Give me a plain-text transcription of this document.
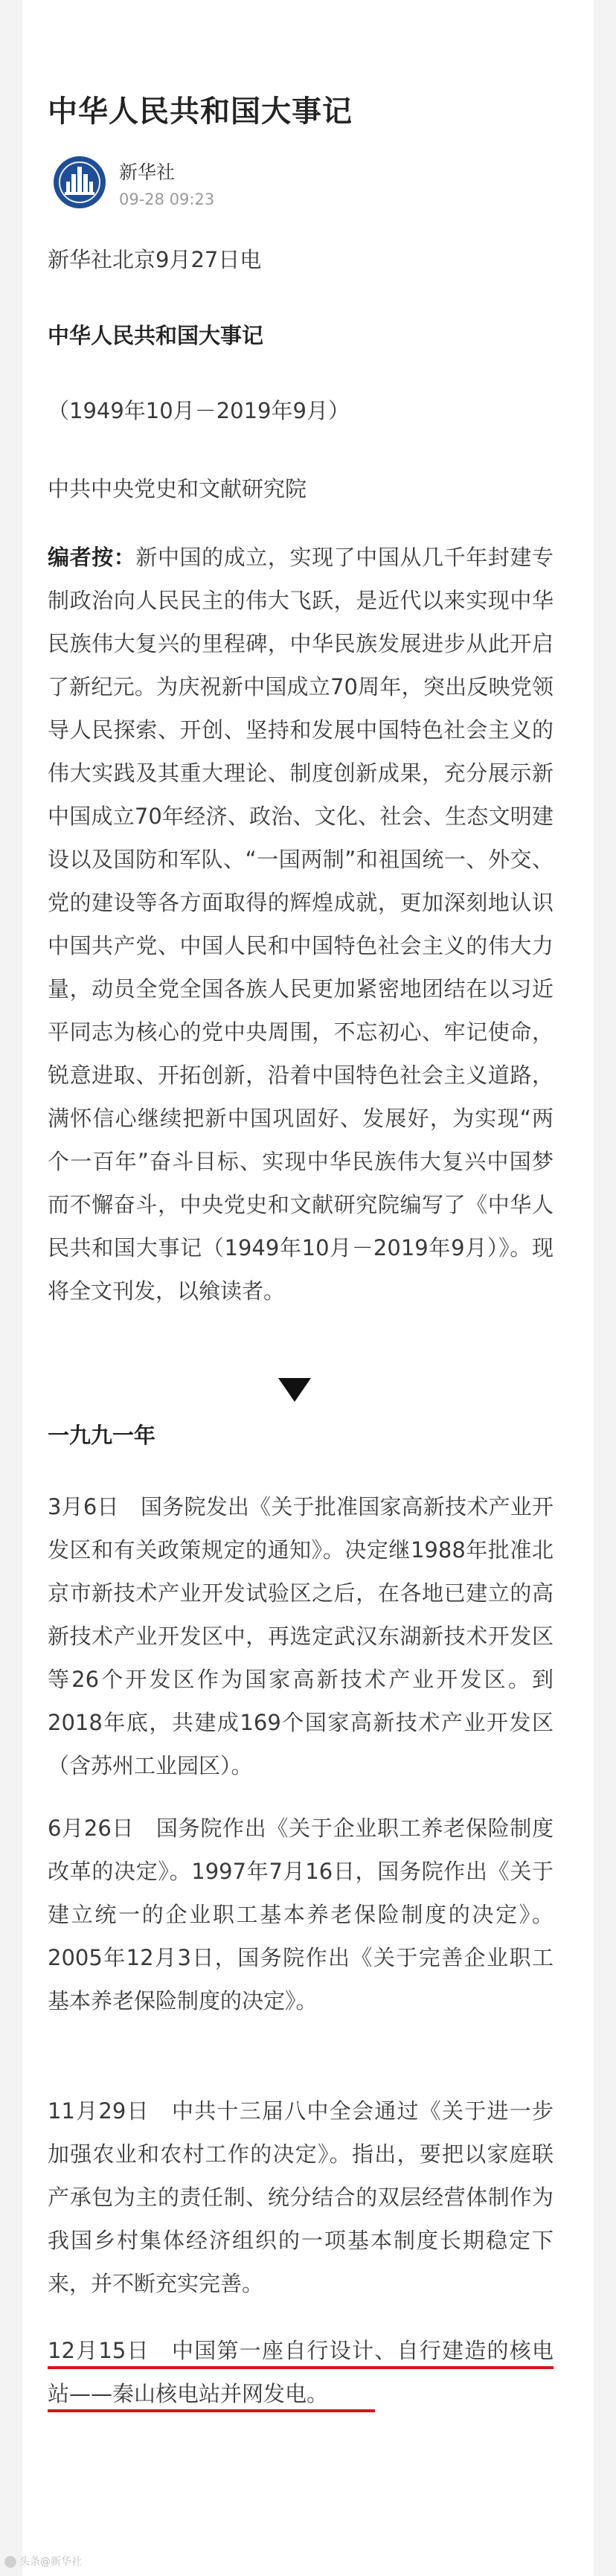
中华人民共和国大事记
新华社
09-28 09:23
新华社北京9月27日电
中华人民共和国大事记
（1949年10月－2019年9月）
中共中央党史和文献研究院
编者按：新中国的成立，实现了中国从几千年封建专制政治向人民民主的伟大飞跃，是近代以来实现中华民族伟大复兴的里程碑，中华民族发展进步从此开启了新纪元。为庆祝新中国成立70周年，突出反映党领导人民探索、开创、坚持和发展中国特色社会主义的伟大实践及其重大理论、制度创新成果，充分展示新中国成立70年经济、政治、文化、社会、生态文明建设以及国防和军队、“一国两制”和祖国统一、外交、党的建设等各方面取得的辉煌成就，更加深刻地认识中国共产党、中国人民和中国特色社会主义的伟大力量，动员全党全国各族人民更加紧密地团结在以习近平同志为核心的党中央周围，不忘初心、牢记使命，锐意进取、开拓创新，沿着中国特色社会主义道路，满怀信心继续把新中国巩固好、发展好，为实现“两个一百年”奋斗目标、实现中华民族伟大复兴中国梦而不懈奋斗，中央党史和文献研究院编写了《中华人民共和国大事记（1949年10月－2019年9月）》。现将全文刊发，以飨读者。
一九九一年
3月6日　 国务院发出《关于批准国家高新技术产业开发区和有关政策规定的通知》。决定继1988年批准北京市新技术产业开发试验区之后，在各地已建立的高新技术产业开发区中，再选定武汉东湖新技术开发区等26个开发区作为国家高新技术产业开发区。到2018年底，共建成169个国家高新技术产业开发区（含苏州工业园区）。
6月26日　 国务院作出《关于企业职工养老保险制度改革的决定》。1997年7月16日，国务院作出《关于建立统一的企业职工基本养老保险制度的决定》。2005年12月3日，国务院作出《关于完善企业职工基本养老保险制度的决定》。
11月29日　 中共十三届八中全会通过《关于进一步加强农业和农村工作的决定》。指出，要把以家庭联产承包为主的责任制、统分结合的双层经营体制作为我国乡村集体经济组织的一项基本制度长期稳定下来，并不断充实完善。
12月15日　 中国第一座自行设计、自行建造的核电站——秦山核电站并网发电。
头条@新华社
